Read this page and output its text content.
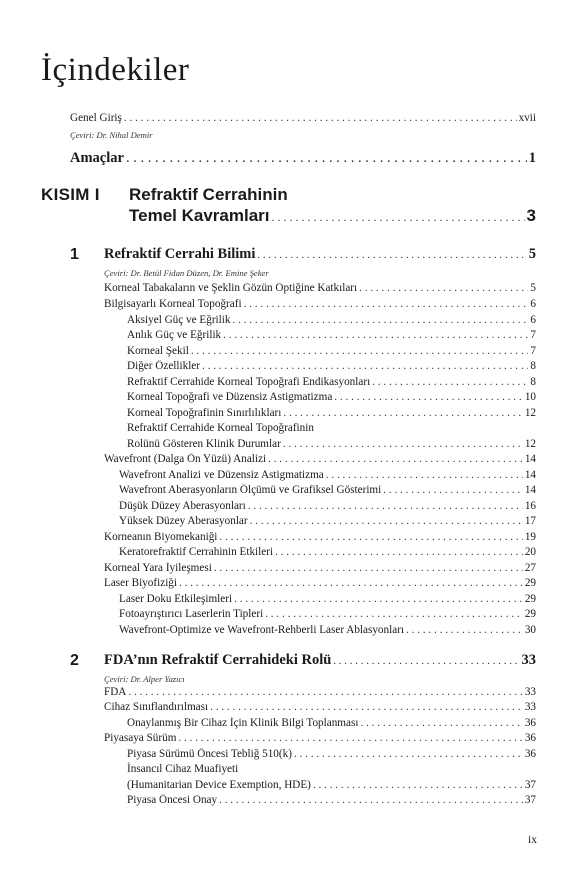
İçindekiler
Genel Giriş . . .	xvii
Çeviri: Dr. Nihal Demir
Amaçlar . . .	1
KISIM I Refraktif Cerrahinin
Temel Kavramları . . .	3
1 Refraktif Cerrahi Bilimi . . .	5
Çeviri: Dr. Betül Fidan Düzen, Dr. Emine Şeker
Korneal Tabakaların ve Şeklin Gözün Optiğine Katkıları . . .	5
Bilgisayarlı Korneal Topoğrafi . . .	6
Aksiyel Güç ve Eğrilik . . .	6
Anlık Güç ve Eğrilik . . .	7
Korneal Şekil . . .	7
Diğer Özellikler . . .	8
Refraktif Cerrahide Korneal Topoğrafi Endikasyonları . . .	8
Korneal Topoğrafi ve Düzensiz Astigmatizma . . .	10
Korneal Topoğrafinin Sınırlılıkları . . .	12
Refraktif Cerrahide Korneal Topoğrafinin
Rolünü Gösteren Klinik Durumlar . . .	12
Wavefront (Dalga Ön Yüzü) Analizi . . .	14
Wavefront Analizi ve Düzensiz Astigmatizma . . .	14
Wavefront Aberasyonların Ölçümü ve Grafiksel Gösterimi . . .	14
Düşük Düzey Aberasyonları . . .	16
Yüksek Düzey Aberasyonlar . . .	17
Korneanın Biyomekaniği . . .	19
Keratorefraktif Cerrahinin Etkileri . . .	20
Korneal Yara İyileşmesi . . .	27
Laser Biyofiziği . . .	29
Laser Doku Etkileşimleri . . .	29
Fotoayrıştırıcı Laserlerin Tipleri . . .	29
Wavefront-Optimize ve Wavefront-Rehberli Laser Ablasyonları . . .	30
2 FDA’nın Refraktif Cerrahideki Rolü . . .	33
Çeviri: Dr. Alper Yazıcı
FDA . . .	33
Cihaz Sınıflandırılması . . .	33
Onaylanmış Bir Cihaz İçin Klinik Bilgi Toplanması . . .	36
Piyasaya Sürüm . . .	36
Piyasa Sürümü Öncesi Tebliğ 510(k) . . .	36
İnsancıl Cihaz Muafiyeti
(Humanitarian Device Exemption, HDE) . . .	37
Piyasa Öncesi Onay . . .	37
ix
